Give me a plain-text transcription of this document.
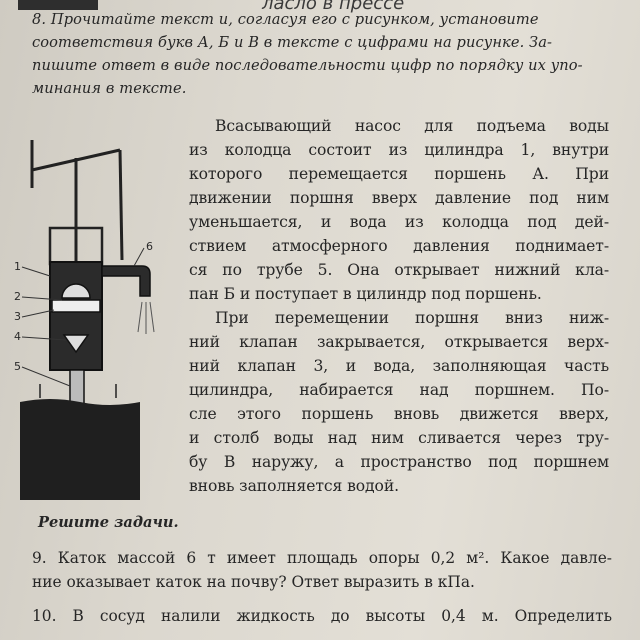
ласло в прессе
8. Прочитайте текст и, согласуя его с рисунком, установите
соответствия букв А, Б и В в тексте с цифрами на рисунке. За-
пишите ответ в виде последовательности цифр по порядку их упо-
минания в тексте.
1
2
3
4
5
6
Всасывающий насос для подъема воды
из колодца состоит из цилиндра 1, внутри
которого перемещается поршень А. При
движении поршня вверх давление под ним
уменьшается, и вода из колодца под дей-
ствием атмосферного давления поднимает-
ся по трубе 5. Она открывает нижний кла-
пан Б и поступает в цилиндр под поршень.
При перемещении поршня вниз ниж-
ний клапан закрывается, открывается верх-
ний клапан 3, и вода, заполняющая часть
цилиндра, набирается над поршнем. По-
сле этого поршень вновь движется вверх,
и столб воды над ним сливается через тру-
бу В наружу, а пространство под поршнем
вновь заполняется водой.
Решите задачи.
9. Каток массой 6 т имеет площадь опоры 0,2 м². Какое давле-
ние оказывает каток на почву? Ответ выразить в кПа.
10. В сосуд налили жидкость до высоты 0,4 м. Определить
